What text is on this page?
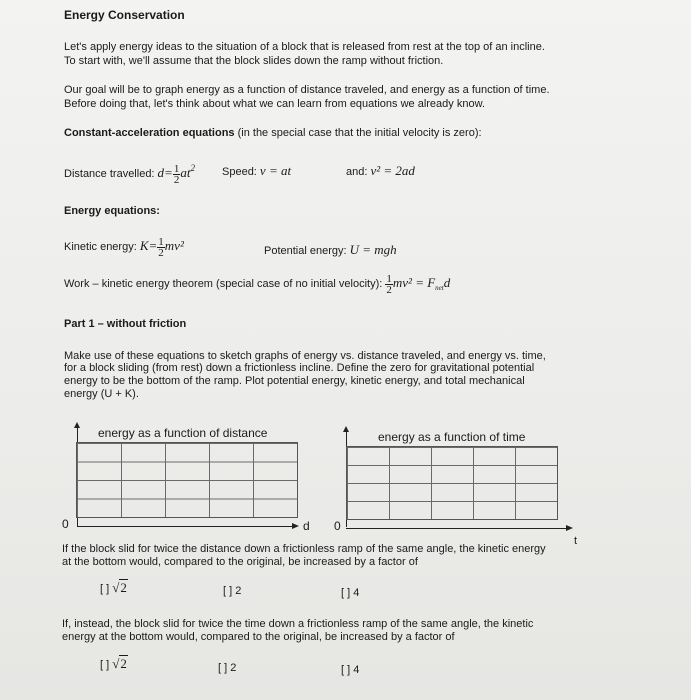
Energy Conservation
Let's apply energy ideas to the situation of a block that is released from rest at the top of an incline.
To start with, we'll assume that the block slides down the ramp without friction.
Our goal will be to graph energy as a function of distance traveled, and energy as a function of time.
Before doing that, let's think about what we can learn from equations we already know.
Constant-acceleration equations (in the special case that the initial velocity is zero):
Distance travelled: $d= \frac{1}{2} at^2$ Speed: v = at	and: v² = 2ad
Energy equations:
Kinetic energy: $K= \frac{1}{2} mv^2$	Potential energy: U = mgh
Work – kinetic energy theorem (special case of no initial velocity): $\frac{1}{2} mv^2 = F_{net}d$
Part 1 – without friction
Make use of these equations to sketch graphs of energy vs. distance traveled, and energy vs. time,
for a block sliding (from rest) down a frictionless incline. Define the zero for gravitational potential
energy to be the bottom of the ramp. Plot potential energy, kinetic energy, and total mechanical
energy (U + K).
energy as a function of distance
0	d
energy as a function of time
0
t
If the block slid for twice the distance down a frictionless ramp of the same angle, the kinetic energy
at the bottom would, compared to the original, be increased by a factor of
[ ] √2	[ ] 2	[ ] 4
If, instead, the block slid for twice the time down a frictionless ramp of the same angle, the kinetic
energy at the bottom would, compared to the original, be increased by a factor of
[ ] √2	[ ] 2	[ ] 4
